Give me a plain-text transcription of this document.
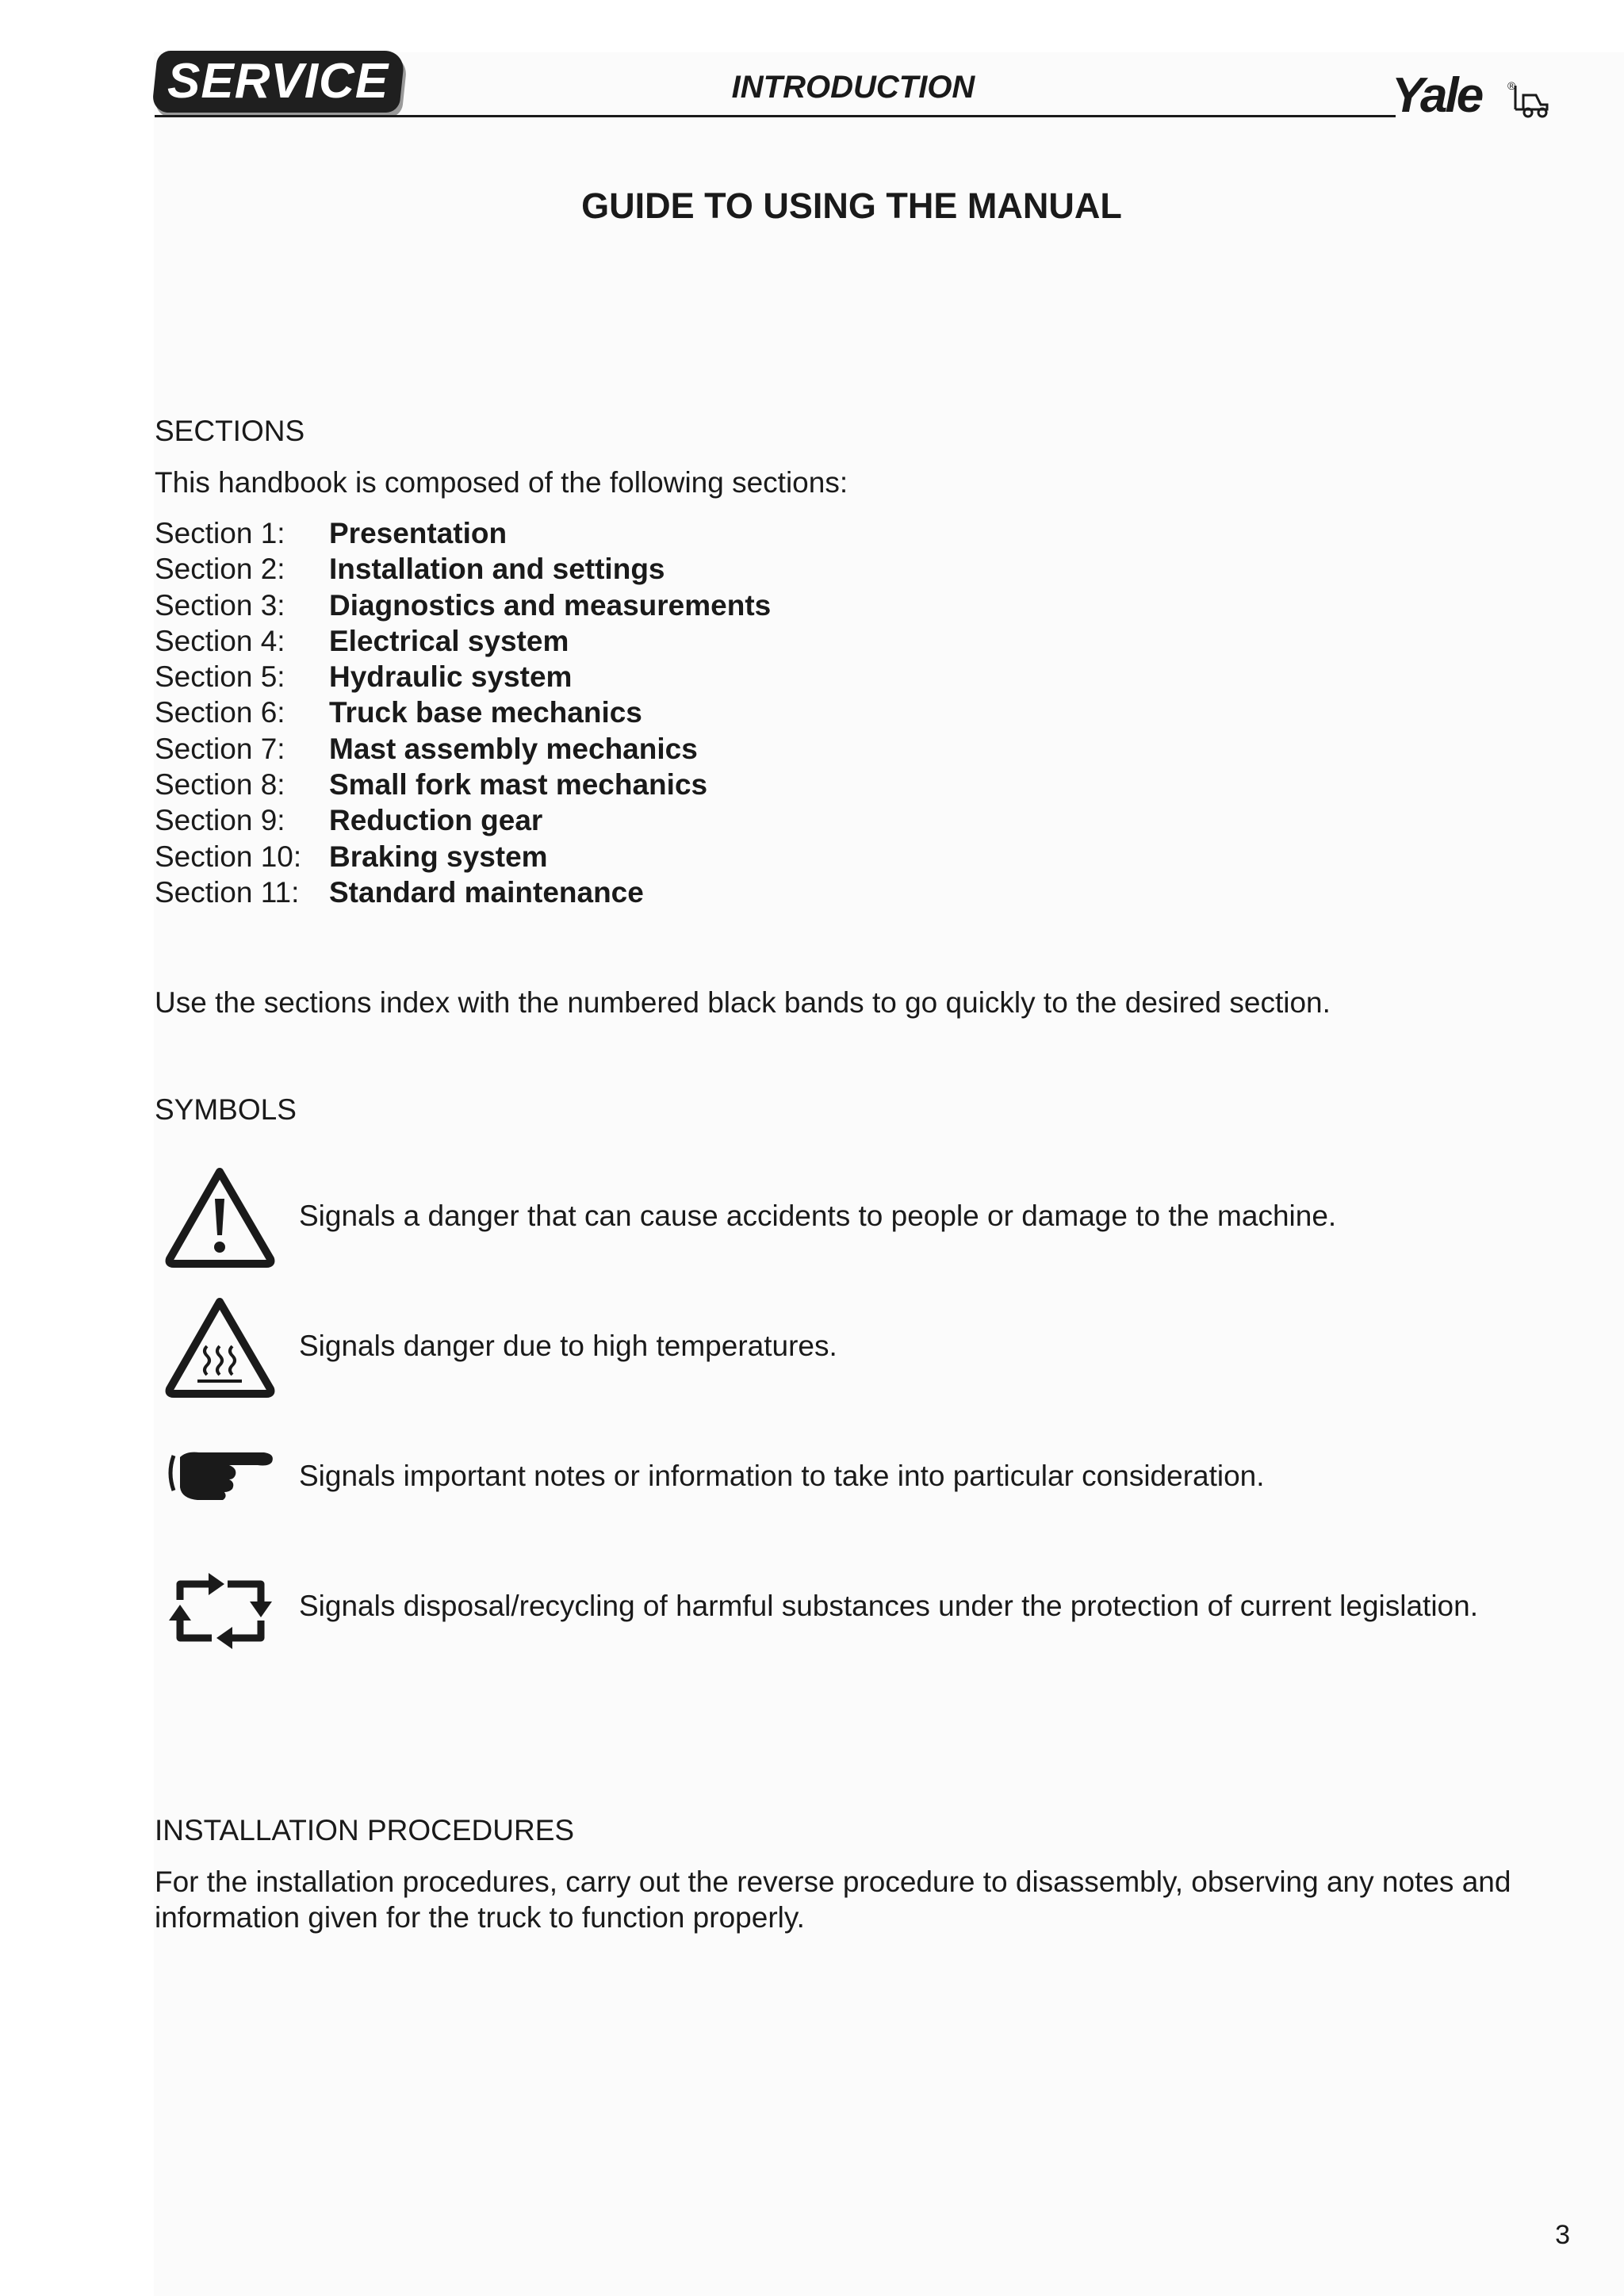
SERVICE	INTRODUCTION	Yale ®
GUIDE TO USING THE MANUAL
SECTIONS
This handbook is composed of the following sections:
Section 1:	Presentation
Section 2:	Installation and settings
Section 3:	Diagnostics and measurements
Section 4:	Electrical system
Section 5:	Hydraulic system
Section 6:	Truck base mechanics
Section 7:	Mast assembly mechanics
Section 8:	Small fork mast mechanics
Section 9:	Reduction gear
Section 10: Braking system
Section 11:	Standard maintenance
Use the sections index with the numbered black bands to go quickly to the desired section.
SYMBOLS
Signals a danger that can cause accidents to people or damage to the machine.
Signals danger due to high temperatures.
Signals important notes or information to take into particular consideration.
Signals disposal/recycling of harmful substances under the protection of current legislation.
INSTALLATION PROCEDURES
For the installation procedures, carry out the reverse procedure to disassembly, observing any notes and
information given for the truck to function properly.
3
